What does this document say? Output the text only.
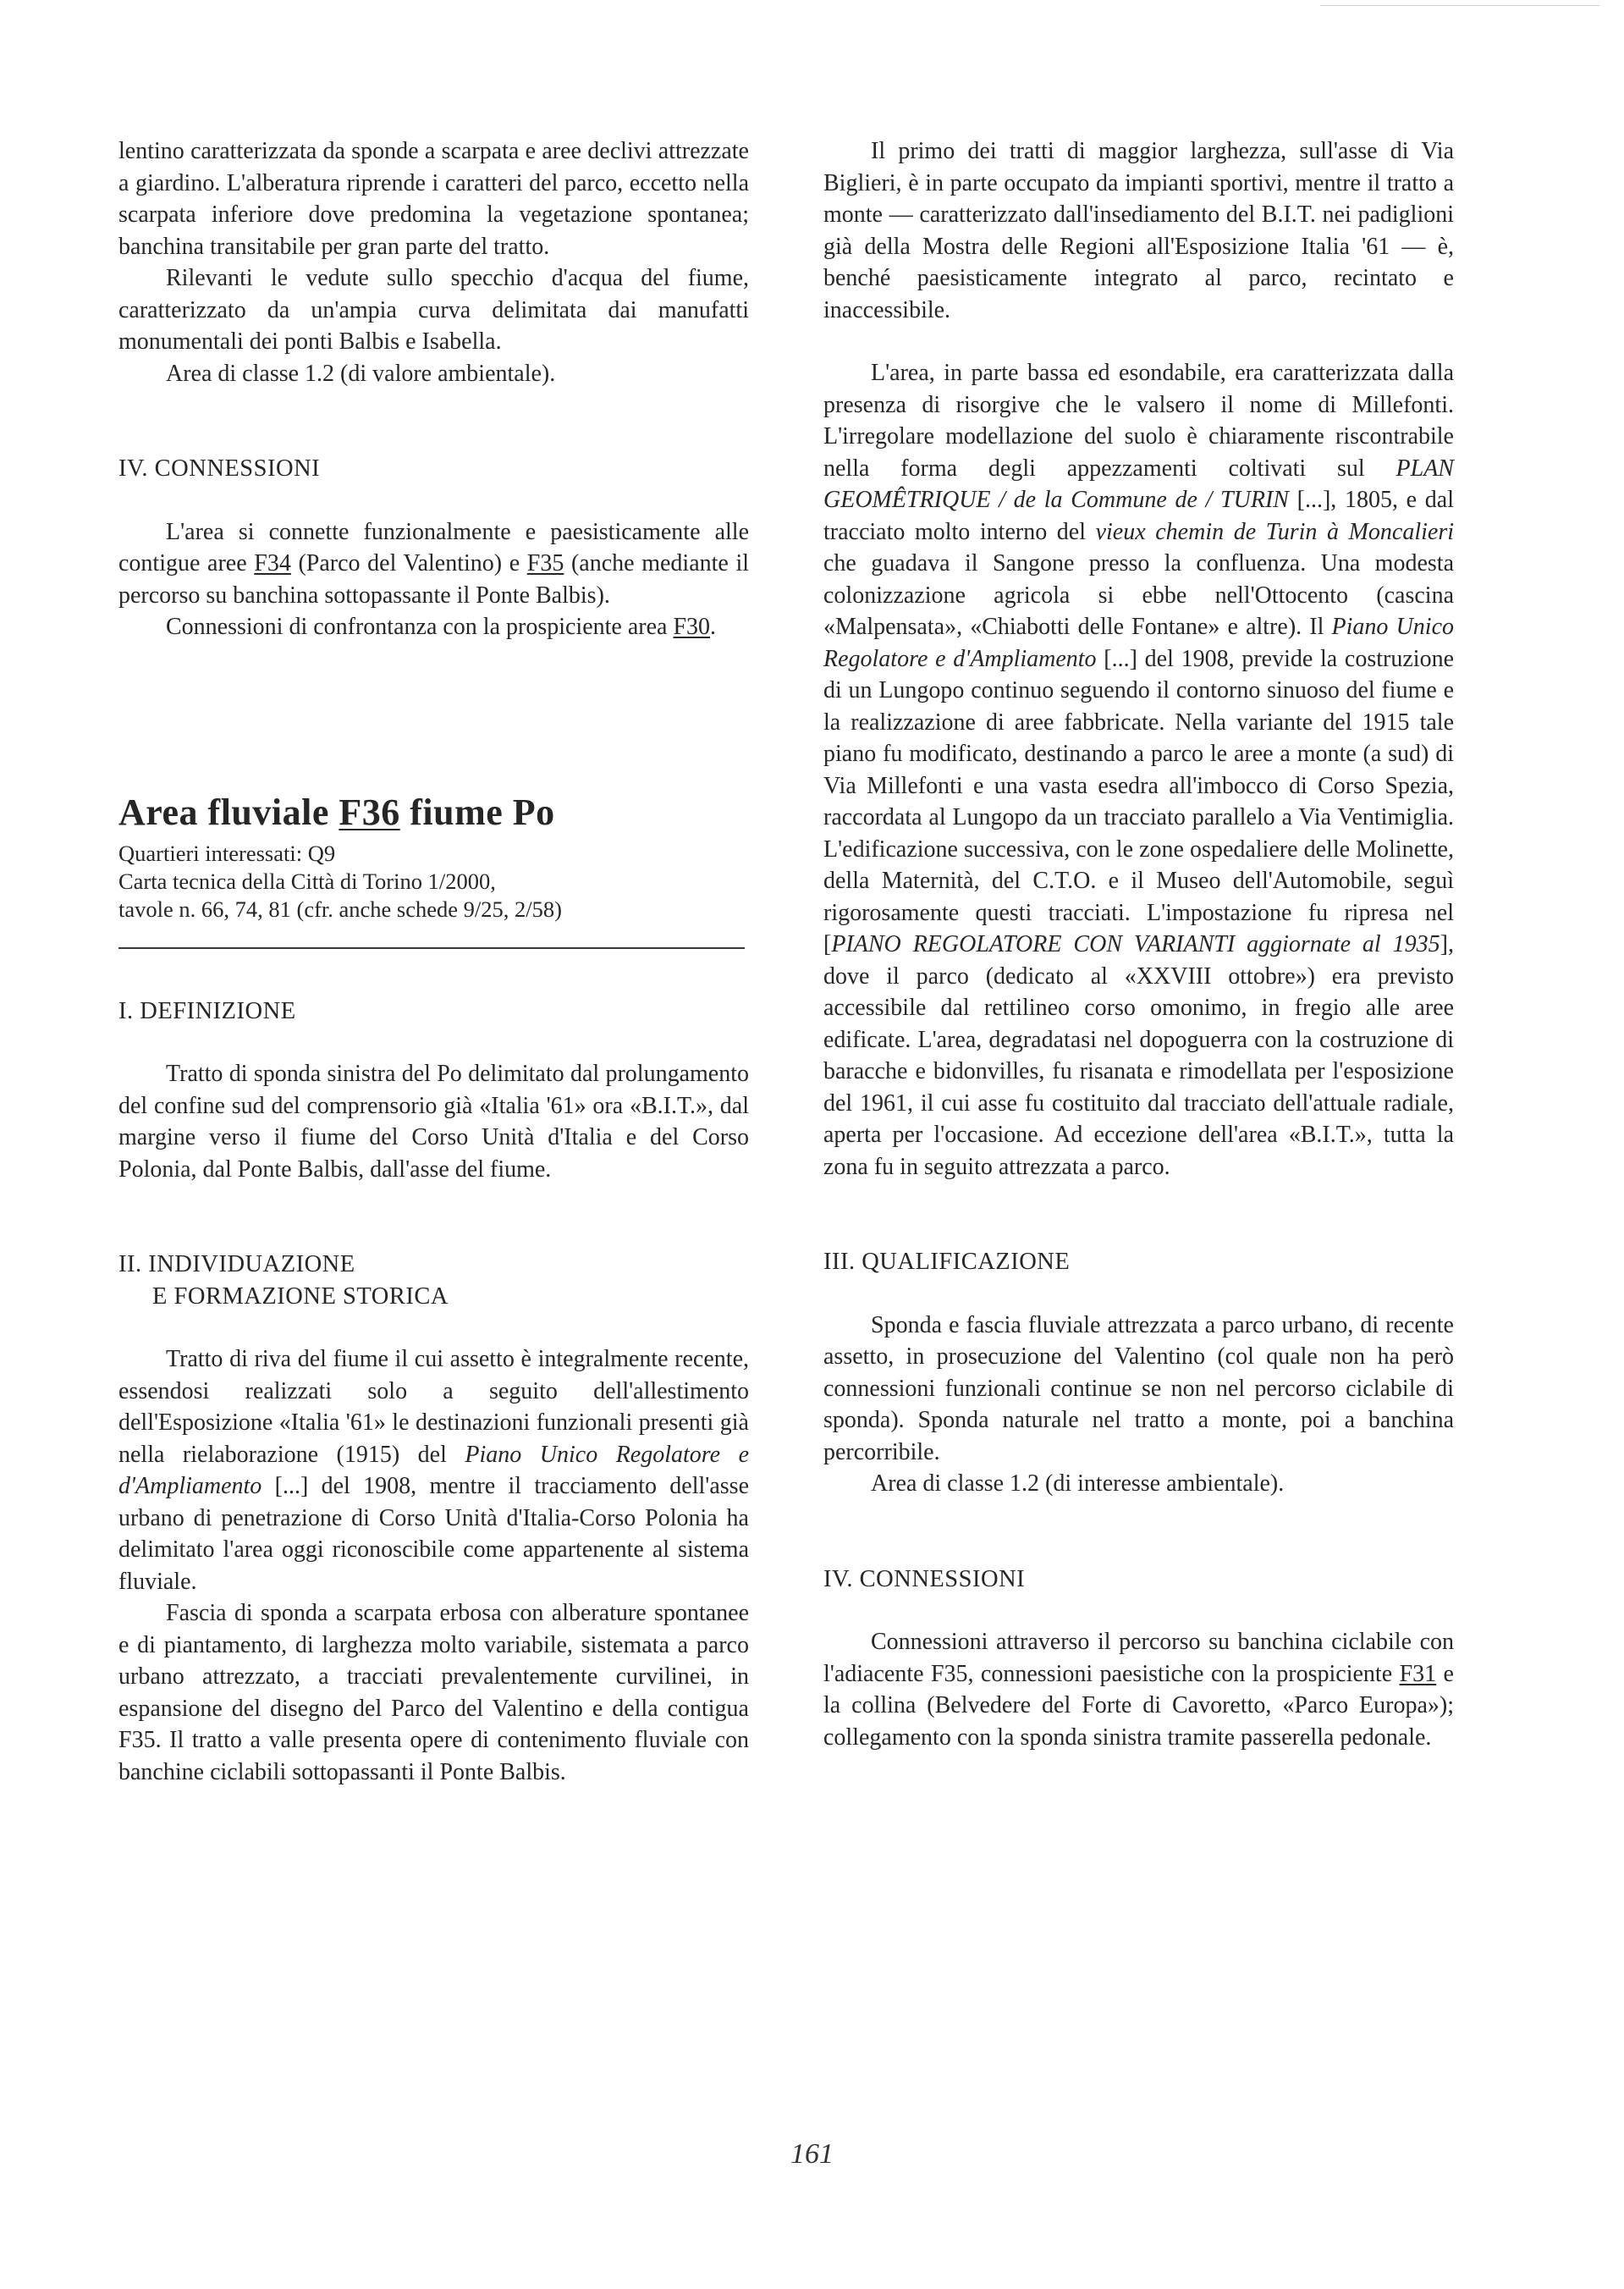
lentino caratterizzata da sponde a scarpata e aree declivi attrezzate a giardino. L'alberatura riprende i caratteri del parco, eccetto nella scarpata inferiore dove predomina la vegetazione spontanea; banchina transitabile per gran parte del tratto.

Rilevanti le vedute sullo specchio d'acqua del fiume, caratterizzato da un'ampia curva delimitata dai manufatti monumentali dei ponti Balbis e Isabella.

Area di classe 1.2 (di valore ambientale).

IV. CONNESSIONI

L'area si connette funzionalmente e paesisticamente alle contigue aree F34 (Parco del Valentino) e F35 (anche mediante il percorso su banchina sottopassante il Ponte Balbis).

Connessioni di confrontanza con la prospiciente area F30.

Area fluviale F36 fiume Po

Quartieri interessati: Q9

Carta tecnica della Città di Torino 1/2000,

tavole n. 66, 74, 81 (cfr. anche schede 9/25, 2/58)

I. DEFINIZIONE

Tratto di sponda sinistra del Po delimitato dal prolungamento del confine sud del comprensorio già «Italia '61» ora «B.I.T.», dal margine verso il fiume del Corso Unità d'Italia e del Corso Polonia, dal Ponte Balbis, dall'asse del fiume.

II. INDIVIDUAZIONE
E FORMAZIONE STORICA

Tratto di riva del fiume il cui assetto è integralmente recente, essendosi realizzati solo a seguito dell'allestimento dell'Esposizione «Italia '61» le destinazioni funzionali presenti già nella rielaborazione (1915) del Piano Unico Regolatore e d'Ampliamento [...] del 1908, mentre il tracciamento dell'asse urbano di penetrazione di Corso Unità d'Italia-Corso Polonia ha delimitato l'area oggi riconoscibile come appartenente al sistema fluviale.

Fascia di sponda a scarpata erbosa con alberature spontanee e di piantamento, di larghezza molto variabile, sistemata a parco urbano attrezzato, a tracciati prevalentemente curvilinei, in espansione del disegno del Parco del Valentino e della contigua F35. Il tratto a valle presenta opere di contenimento fluviale con banchine ciclabili sottopassanti il Ponte Balbis.

Il primo dei tratti di maggior larghezza, sull'asse di Via Biglieri, è in parte occupato da impianti sportivi, mentre il tratto a monte — caratterizzato dall'insediamento del B.I.T. nei padiglioni già della Mostra delle Regioni all'Esposizione Italia '61 — è, benché paesisticamente integrato al parco, recintato e inaccessibile.

L'area, in parte bassa ed esondabile, era caratterizzata dalla presenza di risorgive che le valsero il nome di Millefonti. L'irregolare modellazione del suolo è chiaramente riscontrabile nella forma degli appezzamenti coltivati sul PLAN GEOMÊTRIQUE / de la Commune de / TURIN [...], 1805, e dal tracciato molto interno del vieux chemin de Turin à Moncalieri che guadava il Sangone presso la confluenza. Una modesta colonizzazione agricola si ebbe nell'Ottocento (cascina «Malpensata», «Chiabotti delle Fontane» e altre). Il Piano Unico Regolatore e d'Ampliamento [...] del 1908, previde la costruzione di un Lungopo continuo seguendo il contorno sinuoso del fiume e la realizzazione di aree fabbricate. Nella variante del 1915 tale piano fu modificato, destinando a parco le aree a monte (a sud) di Via Millefonti e una vasta esedra all'imbocco di Corso Spezia, raccordata al Lungopo da un tracciato parallelo a Via Ventimiglia. L'edificazione successiva, con le zone ospedaliere delle Molinette, della Maternità, del C.T.O. e il Museo dell'Automobile, seguì rigorosamente questi tracciati. L'impostazione fu ripresa nel [PIANO REGOLATORE CON VARIANTI aggiornate al 1935], dove il parco (dedicato al «XXVIII ottobre») era previsto accessibile dal rettilineo corso omonimo, in fregio alle aree edificate. L'area, degradatasi nel dopoguerra con la costruzione di baracche e bidonvilles, fu risanata e rimodellata per l'esposizione del 1961, il cui asse fu costituito dal tracciato dell'attuale radiale, aperta per l'occasione. Ad eccezione dell'area «B.I.T.», tutta la zona fu in seguito attrezzata a parco.

III. QUALIFICAZIONE

Sponda e fascia fluviale attrezzata a parco urbano, di recente assetto, in prosecuzione del Valentino (col quale non ha però connessioni funzionali continue se non nel percorso ciclabile di sponda). Sponda naturale nel tratto a monte, poi a banchina percorribile.

Area di classe 1.2 (di interesse ambientale).

IV. CONNESSIONI

Connessioni attraverso il percorso su banchina ciclabile con l'adiacente F35, connessioni paesistiche con la prospiciente F31 e la collina (Belvedere del Forte di Cavoretto, «Parco Europa»); collegamento con la sponda sinistra tramite passerella pedonale.

161
